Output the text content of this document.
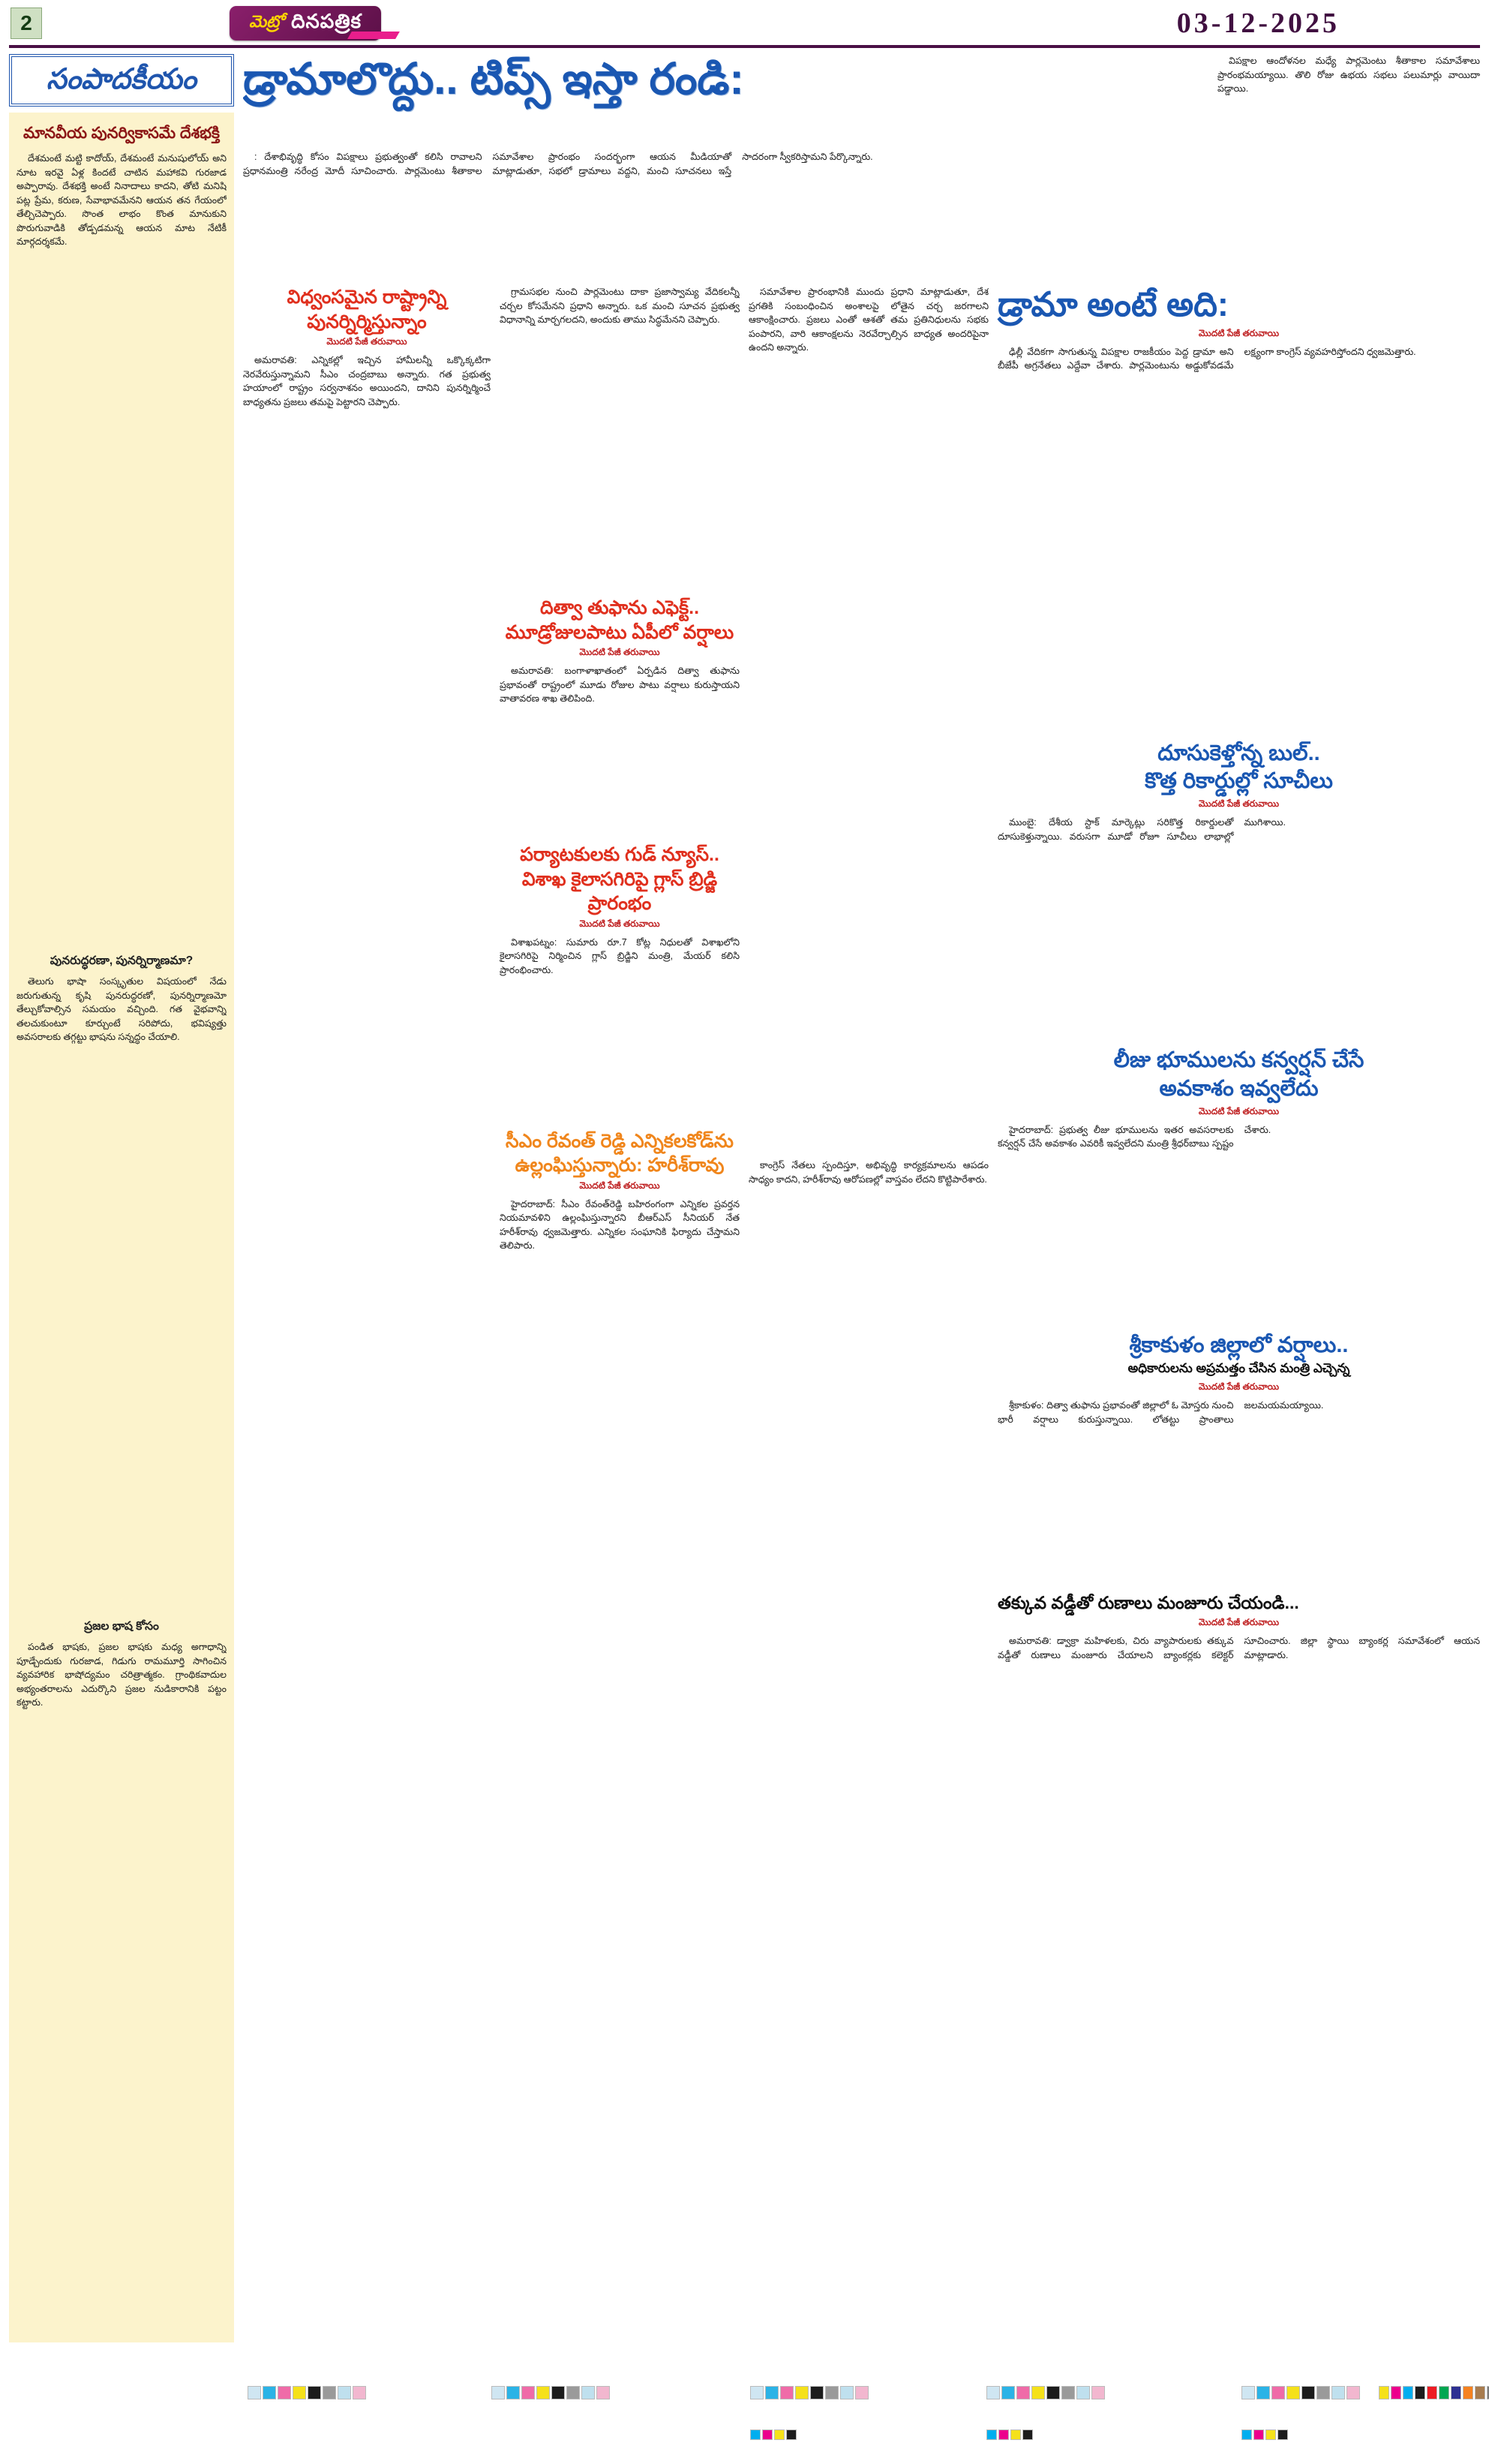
2	మెట్రో దినపత్రిక	03-12-2025
సంపాదకీయం
మానవీయ పునర్వికాసమే దేశభక్తి

దేశమంటే మట్టి కాదోయ్, దేశమంటే మనుషులోయ్ అని నూట ఇరవై ఏళ్ల కిందటే చాటిన మహాకవి గురజాడ అప్పారావు. దేశభక్తి అంటే నినాదాలు కాదని, తోటి మనిషి పట్ల ప్రేమ, కరుణ, సేవాభావమేనని ఆయన తన గేయంలో తేల్చిచెప్పారు. సొంత లాభం కొంత మానుకుని పొరుగువాడికి తోడ్పడమన్న ఆయన మాట నేటికీ మార్గదర్శకమే.

పునరుద్ధరణా, పునర్నిర్మాణమా?

తెలుగు భాషా సంస్కృతుల విషయంలో నేడు జరుగుతున్న కృషి పునరుద్ధరణో, పునర్నిర్మాణమో తేల్చుకోవాల్సిన సమయం వచ్చింది. గత వైభవాన్ని తలచుకుంటూ కూర్చుంటే సరిపోదు, భవిష్యత్తు అవసరాలకు తగ్గట్టు భాషను సన్నద్ధం చేయాలి.

ప్రజల భాష కోసం

పండిత భాషకు, ప్రజల భాషకు మధ్య అగాధాన్ని పూడ్చేందుకు గురజాడ, గిడుగు రామమూర్తి సాగించిన వ్యవహారిక భాషోద్యమం చరిత్రాత్మకం. గ్రాంథికవాదుల అభ్యంతరాలను ఎదుర్కొని ప్రజల నుడికారానికి పట్టం కట్టారు.

డ్రామాలొద్దు.. టిప్స్ ఇస్తా రండి:	విపక్షాల ఆందోళనల మధ్యే పార్లమెంటు శీతాకాల సమావేశాలు ప్రారంభమయ్యాయి. తొలి రోజు ఉభయ సభలు పలుమార్లు వాయిదా పడ్డాయి.

: దేశాభివృద్ధి కోసం విపక్షాలు ప్రభుత్వంతో కలిసి రావాలని ప్రధానమంత్రి నరేంద్ర మోదీ సూచించారు. పార్లమెంటు శీతాకాల సమావేశాల ప్రారంభం సందర్భంగా ఆయన మీడియాతో మాట్లాడుతూ, సభలో డ్రామాలు వద్దని, మంచి సూచనలు ఇస్తే సాదరంగా స్వీకరిస్తామని పేర్కొన్నారు.

విధ్వంసమైన రాష్ట్రాన్ని పునర్నిర్మిస్తున్నాం
మొదటి పేజీ తరువాయి

అమరావతి: ఎన్నికల్లో ఇచ్చిన హామీలన్నీ ఒక్కొక్కటిగా నెరవేరుస్తున్నామని సీఎం చంద్రబాబు అన్నారు. గత ప్రభుత్వ హయాంలో రాష్ట్రం సర్వనాశనం అయిందని, దానిని పునర్నిర్మించే బాధ్యతను ప్రజలు తమపై పెట్టారని చెప్పారు.

గ్రామసభల నుంచి పార్లమెంటు దాకా ప్రజాస్వామ్య వేదికలన్నీ చర్చల కోసమేనని ప్రధాని అన్నారు. ఒక మంచి సూచన ప్రభుత్వ విధానాన్ని మార్చగలదని, అందుకు తాము సిద్ధమేనని చెప్పారు.

దిత్వా తుఫాను ఎఫెక్ట్..
మూడ్రోజులపాటు ఏపీలో వర్షాలు
మొదటి పేజీ తరువాయి

అమరావతి: బంగాళాఖాతంలో ఏర్పడిన దిత్వా తుఫాను ప్రభావంతో రాష్ట్రంలో మూడు రోజుల పాటు వర్షాలు కురుస్తాయని వాతావరణ శాఖ తెలిపింది.

పర్యాటకులకు గుడ్ న్యూస్..
విశాఖ కైలాసగిరిపై గ్లాస్ బ్రిడ్జి ప్రారంభం
మొదటి పేజీ తరువాయి

విశాఖపట్నం: సుమారు రూ.7 కోట్ల నిధులతో విశాఖలోని కైలాసగిరిపై నిర్మించిన గ్లాస్ బ్రిడ్జిని మంత్రి, మేయర్ కలిసి ప్రారంభించారు.

సీఎం రేవంత్ రెడ్డి ఎన్నికలకోడ్‌ను
ఉల్లంఘిస్తున్నారు: హరీశ్‌రావు
మొదటి పేజీ తరువాయి

హైదరాబాద్: సీఎం రేవంత్‌రెడ్డి బహిరంగంగా ఎన్నికల ప్రవర్తన నియమావళిని ఉల్లంఘిస్తున్నారని బీఆర్ఎస్ సీనియర్ నేత హరీశ్‌రావు ధ్వజమెత్తారు. ఎన్నికల సంఘానికి ఫిర్యాదు చేస్తామని తెలిపారు.

సమావేశాల ప్రారంభానికి ముందు ప్రధాని మాట్లాడుతూ, దేశ ప్రగతికి సంబంధించిన అంశాలపై లోతైన చర్చ జరగాలని ఆకాంక్షించారు. ప్రజలు ఎంతో ఆశతో తమ ప్రతినిధులను సభకు పంపారని, వారి ఆకాంక్షలను నెరవేర్చాల్సిన బాధ్యత అందరిపైనా ఉందని అన్నారు.

కాంగ్రెస్ నేతలు స్పందిస్తూ, అభివృద్ధి కార్యక్రమాలను ఆపడం సాధ్యం కాదని, హరీశ్‌రావు ఆరోపణల్లో వాస్తవం లేదని కొట్టిపారేశారు.

డ్రామా అంటే అది:
మొదటి పేజీ తరువాయి

ఢిల్లీ వేదికగా సాగుతున్న విపక్షాల రాజకీయం పెద్ద డ్రామా అని బీజేపీ అగ్రనేతలు ఎద్దేవా చేశారు. పార్లమెంటును అడ్డుకోవడమే లక్ష్యంగా కాంగ్రెస్ వ్యవహరిస్తోందని ధ్వజమెత్తారు.

దూసుకెళ్తోన్న బుల్..
కొత్త రికార్డుల్లో సూచీలు
మొదటి పేజీ తరువాయి

ముంబై: దేశీయ స్టాక్ మార్కెట్లు సరికొత్త రికార్డులతో దూసుకెళ్తున్నాయి. వరుసగా మూడో రోజూ సూచీలు లాభాల్లో ముగిశాయి.

లీజు భూములను కన్వర్షన్ చేసే
అవకాశం ఇవ్వలేదు
మొదటి పేజీ తరువాయి

హైదరాబాద్: ప్రభుత్వ లీజు భూములను ఇతర అవసరాలకు కన్వర్షన్ చేసే అవకాశం ఎవరికీ ఇవ్వలేదని మంత్రి శ్రీధర్‌బాబు స్పష్టం చేశారు.

శ్రీకాకుళం జిల్లాలో వర్షాలు..
అధికారులను అప్రమత్తం చేసిన మంత్రి ఎచ్చెన్న
మొదటి పేజీ తరువాయి

శ్రీకాకుళం: దిత్వా తుఫాను ప్రభావంతో జిల్లాలో ఓ మోస్తరు నుంచి భారీ వర్షాలు కురుస్తున్నాయి. లోతట్టు ప్రాంతాలు జలమయమయ్యాయి.

తక్కువ వడ్డీతో రుణాలు మంజూరు చేయండి...
మొదటి పేజీ తరువాయి

అమరావతి: డ్వాక్రా మహిళలకు, చిరు వ్యాపారులకు తక్కువ వడ్డీతో రుణాలు మంజూరు చేయాలని బ్యాంకర్లకు కలెక్టర్ సూచించారు. జిల్లా స్థాయి బ్యాంకర్ల సమావేశంలో ఆయన మాట్లాడారు.
